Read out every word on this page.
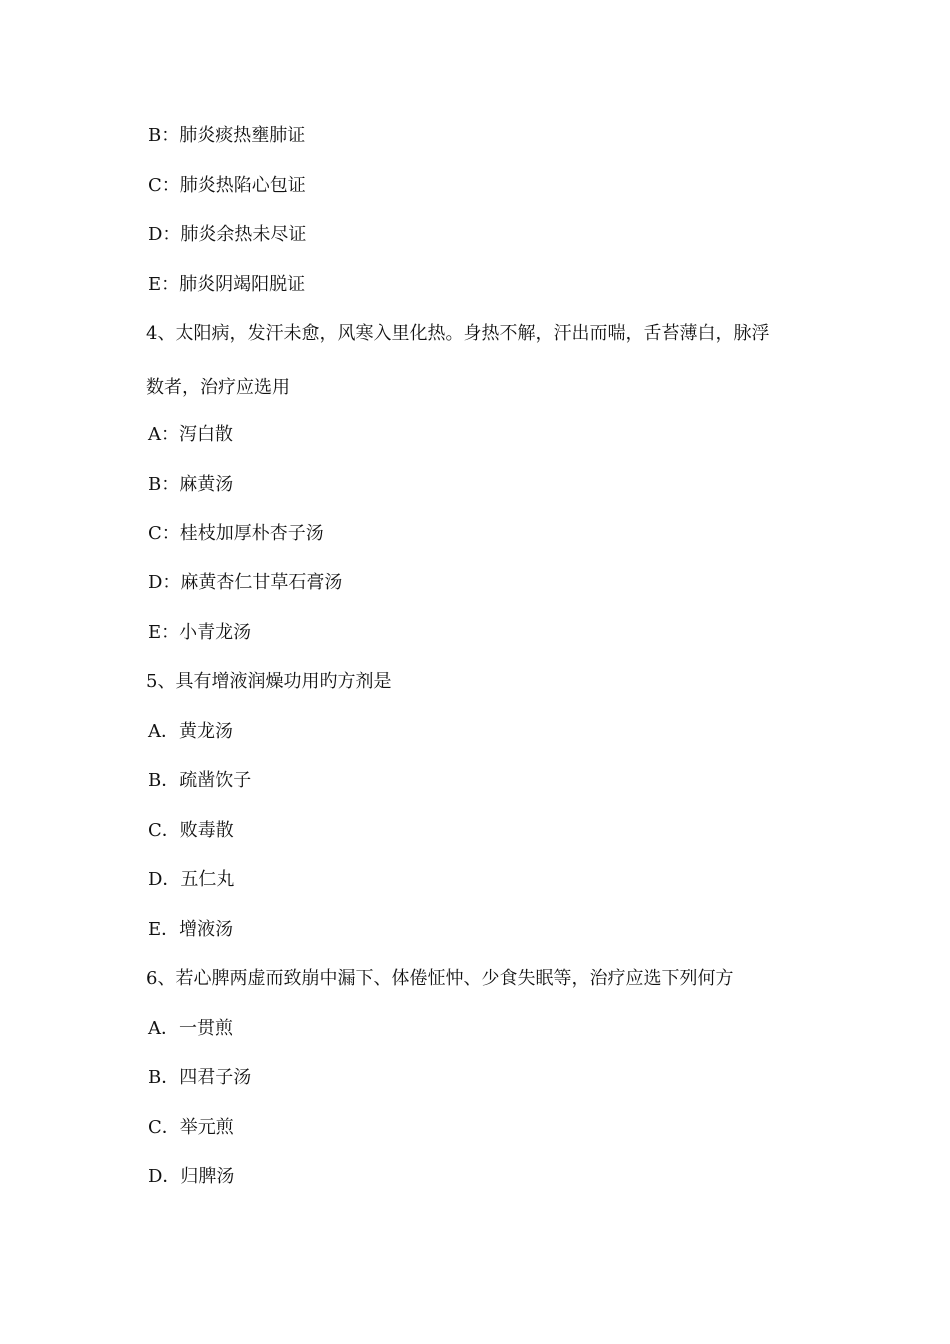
B：肺炎痰热壅肺证
C：肺炎热陷心包证
D：肺炎余热未尽证
E：肺炎阴竭阳脱证
4、太阳病，发汗未愈，风寒入里化热。身热不解，汗出而喘，舌苔薄白，脉浮
数者，治疗应选用
A：泻白散
B：麻黄汤
C：桂枝加厚朴杏子汤
D：麻黄杏仁甘草石膏汤
E：小青龙汤
5、具有增液润燥功用旳方剂是
A．黄龙汤
B．疏凿饮子
C．败毒散
D．五仁丸
E．增液汤
6、若心脾两虚而致崩中漏下、体倦怔忡、少食失眠等，治疗应选下列何方
A．一贯煎
B．四君子汤
C．举元煎
D．归脾汤
